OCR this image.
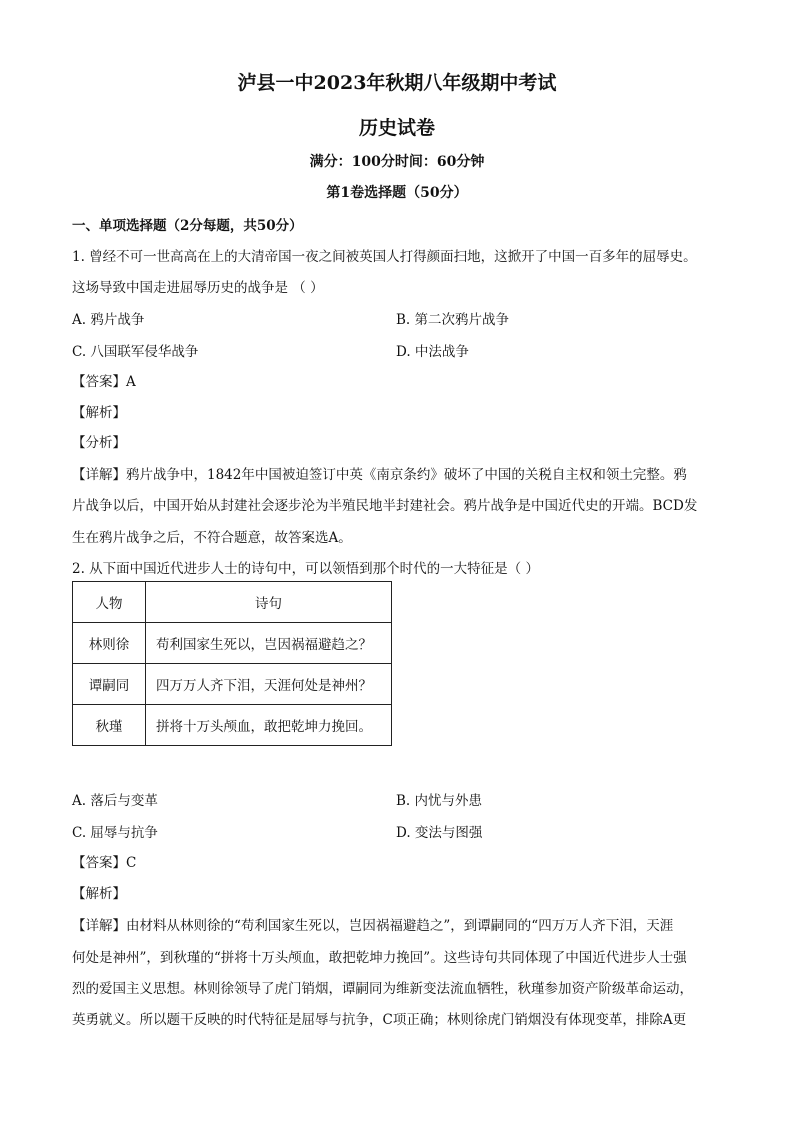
泸县一中2023年秋期八年级期中考试
历史试卷
满分：100分时间：60分钟
第1卷选择题（50分）
一、单项选择题（2分每题，共50分）
1. 曾经不可一世高高在上的大清帝国一夜之间被英国人打得颜面扫地，这掀开了中国一百多年的屈辱史。
这场导致中国走进屈辱历史的战争是 （ ）
A. 鸦片战争	B. 第二次鸦片战争
C. 八国联军侵华战争	D. 中法战争
【答案】A
【解析】
【分析】
【详解】鸦片战争中，1842年中国被迫签订中英《南京条约》破坏了中国的关税自主权和领土完整。鸦
片战争以后，中国开始从封建社会逐步沦为半殖民地半封建社会。鸦片战争是中国近代史的开端。BCD发
生在鸦片战争之后，不符合题意，故答案选A。
2. 从下面中国近代进步人士的诗句中，可以领悟到那个时代的一大特征是（ ）
人物	诗句
林则徐	苟利国家生死以，岂因祸福避趋之？
谭嗣同	四万万人齐下泪，天涯何处是神州？
秋瑾	拼将十万头颅血，敢把乾坤力挽回。
A. 落后与变革	B. 内忧与外患
C. 屈辱与抗争	D. 变法与图强
【答案】C
【解析】
【详解】由材料从林则徐的“苟利国家生死以，岂因祸福避趋之”，到谭嗣同的“四万万人齐下泪，天涯
何处是神州”，到秋瑾的“拼将十万头颅血，敢把乾坤力挽回”。这些诗句共同体现了中国近代进步人士强
烈的爱国主义思想。林则徐领导了虎门销烟，谭嗣同为维新变法流血牺牲，秋瑾参加资产阶级革命运动，
英勇就义。所以题干反映的时代特征是屈辱与抗争，C项正确；林则徐虎门销烟没有体现变革，排除A更
